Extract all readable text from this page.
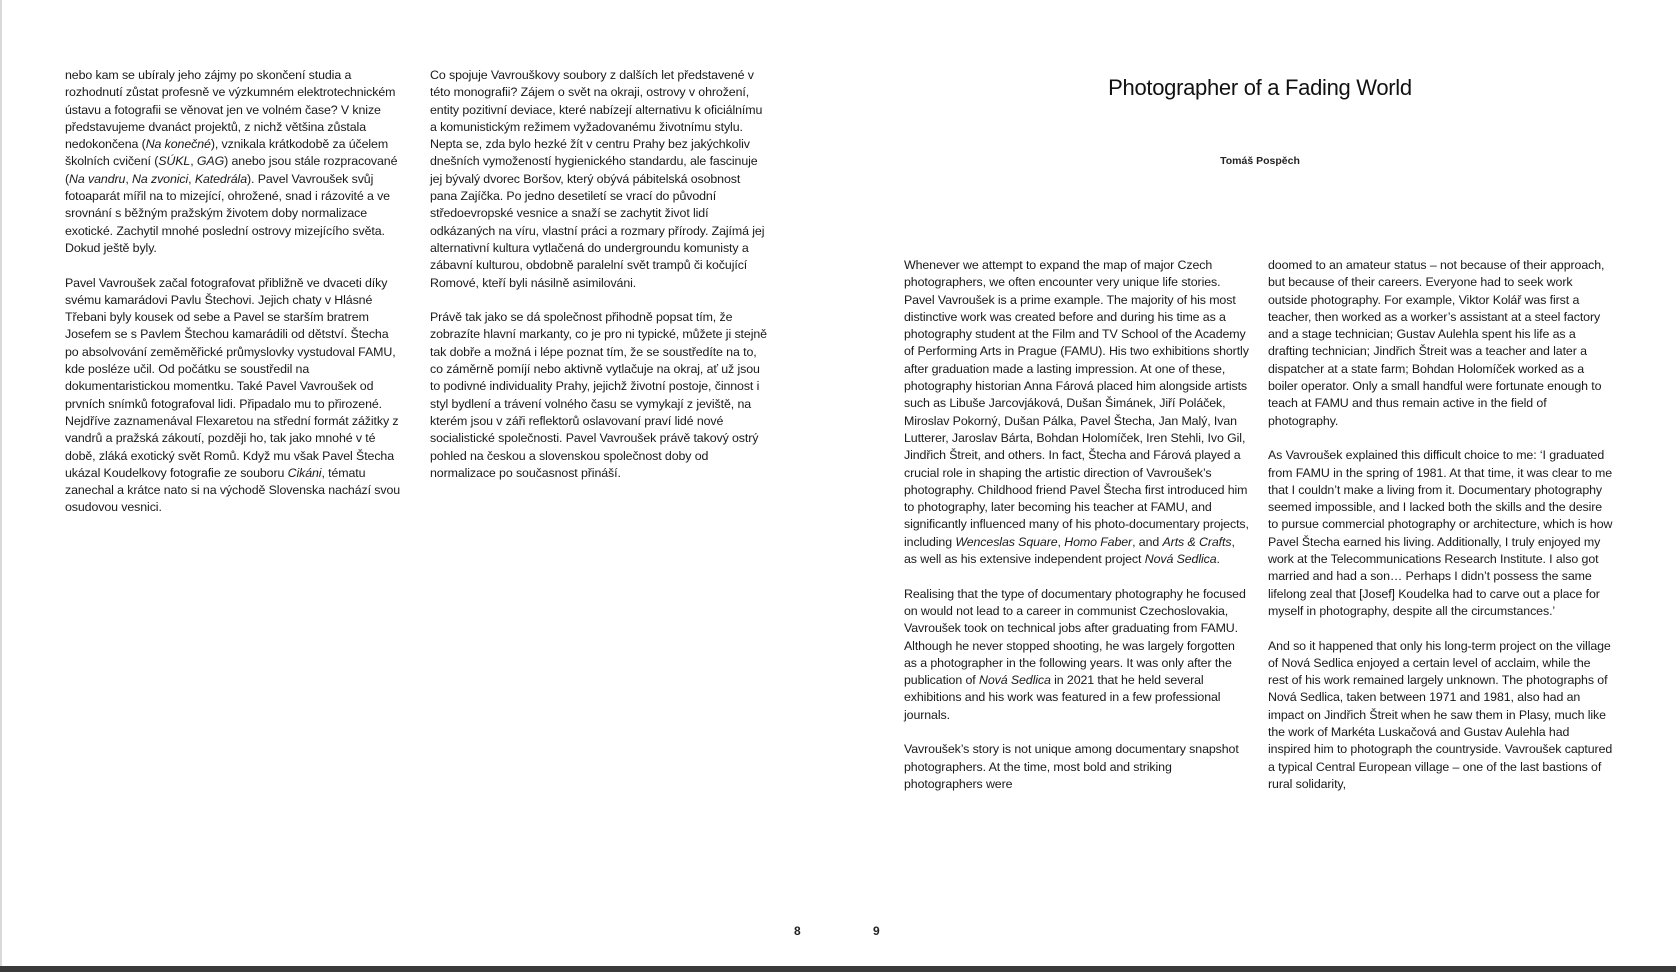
nebo kam se ubíraly jeho zájmy po skončení studia a rozhodnutí zůstat profesně ve výzkumném elektrotechnickém ústavu a fotografii se věnovat jen ve volném čase? V knize představujeme dvanáct projektů, z nichž většina zůstala nedokončena (Na konečné), vznikala krátkodobě za účelem školních cvičení (SÚKL, GAG) anebo jsou stále rozpracované (Na vandru, Na zvonici, Katedrála). Pavel Vavroušek svůj fotoaparát mířil na to mizející, ohrožené, snad i rázovité a ve srovnání s běžným pražským životem doby normalizace exotické. Zachytil mnohé poslední ostrovy mizejícího světa. Dokud ještě byly.

Pavel Vavroušek začal fotografovat přibližně ve dvaceti díky svému kamarádovi Pavlu Štechovi. Jejich chaty v Hlásné Třebani byly kousek od sebe a Pavel se starším bratrem Josefem se s Pavlem Štechou kamarádili od dětství. Štecha po absolvování zeměměřické průmyslovky vystudoval FAMU, kde posléze učil. Od počátku se soustředil na dokumentaristickou momentku. Také Pavel Vavroušek od prvních snímků fotografoval lidi. Připadalo mu to přirozené. Nejdříve zaznamenával Flexaretou na střední formát zážitky z vandrů a pražská zákoutí, později ho, tak jako mnohé v té době, zláká exotický svět Romů. Když mu však Pavel Štecha ukázal Koudelkovy fotografie ze souboru Cikáni, tématu zanechal a krátce nato si na východě Slovenska nachází svou osudovou vesnici.

Co spojuje Vavrouškovy soubory z dalších let představené v této monografii? Zájem o svět na okraji, ostrovy v ohrožení, entity pozitivní deviace, které nabízejí alternativu k oficiálnímu a komunistickým režimem vyžadovanému životnímu stylu. Nepta se, zda bylo hezké žít v centru Prahy bez jakýchkoliv dnešních vymožeností hygienického standardu, ale fascinuje jej bývalý dvorec Boršov, který obývá pábitelská osobnost pana Zajíčka. Po jedno desetiletí se vrací do původní středoevropské vesnice a snaží se zachytit život lidí odkázaných na víru, vlastní práci a rozmary přírody. Zajímá jej alternativní kultura vytlačená do undergroundu komunisty a zábavní kulturou, obdobně paralelní svět trampů či kočující Romové, kteří byli násilně asimilováni.

Právě tak jako se dá společnost přihodně popsat tím, že zobrazíte hlavní markanty, co je pro ni typické, můžete ji stejně tak dobře a možná i lépe poznat tím, že se soustředíte na to, co záměrně pomíjí nebo aktivně vytlačuje na okraj, ať už jsou to podivné individuality Prahy, jejichž životní postoje, činnost i styl bydlení a trávení volného času se vymykají z jeviště, na kterém jsou v záři reflektorů oslavovaní praví lidé nové socialistické společnosti. Pavel Vavroušek právě takový ostrý pohled na českou a slovenskou společnost doby od normalizace po současnost přináší.

8
Photographer of a Fading World
Tomáš Pospěch

Whenever we attempt to expand the map of major Czech photographers, we often encounter very unique life stories. Pavel Vavroušek is a prime example. The majority of his most distinctive work was created before and during his time as a photography student at the Film and TV School of the Academy of Performing Arts in Prague (FAMU). His two exhibitions shortly after graduation made a lasting impression. At one of these, photography historian Anna Fárová placed him alongside artists such as Libuše Jarcovjáková, Dušan Šimánek, Jiří Poláček, Miroslav Pokorný, Dušan Pálka, Pavel Štecha, Jan Malý, Ivan Lutterer, Jaroslav Bárta, Bohdan Holomíček, Iren Stehli, Ivo Gil, Jindřich Štreit, and others. In fact, Štecha and Fárová played a crucial role in shaping the artistic direction of Vavroušek’s photography. Childhood friend Pavel Štecha first introduced him to photography, later becoming his teacher at FAMU, and significantly influenced many of his photo-documentary projects, including Wenceslas Square, Homo Faber, and Arts & Crafts, as well as his extensive independent project Nová Sedlica.

Realising that the type of documentary photography he focused on would not lead to a career in communist Czechoslovakia, Vavroušek took on technical jobs after graduating from FAMU. Although he never stopped shooting, he was largely forgotten as a photographer in the following years. It was only after the publication of Nová Sedlica in 2021 that he held several exhibitions and his work was featured in a few professional journals.

Vavroušek’s story is not unique among documentary snapshot photographers. At the time, most bold and striking photographers were

doomed to an amateur status – not because of their approach, but because of their careers. Everyone had to seek work outside photography. For example, Viktor Kolář was first a teacher, then worked as a worker’s assistant at a steel factory and a stage technician; Gustav Aulehla spent his life as a drafting technician; Jindřich Štreit was a teacher and later a dispatcher at a state farm; Bohdan Holomíček worked as a boiler operator. Only a small handful were fortunate enough to teach at FAMU and thus remain active in the field of photography.

As Vavroušek explained this difficult choice to me: ‘I graduated from FAMU in the spring of 1981. At that time, it was clear to me that I couldn’t make a living from it. Documentary photography seemed impossible, and I lacked both the skills and the desire to pursue commercial photography or architecture, which is how Pavel Štecha earned his living. Additionally, I truly enjoyed my work at the Telecommunications Research Institute. I also got married and had a son… Perhaps I didn’t possess the same lifelong zeal that [Josef] Koudelka had to carve out a place for myself in photography, despite all the circumstances.’

And so it happened that only his long-term project on the village of Nová Sedlica enjoyed a certain level of acclaim, while the rest of his work remained largely unknown. The photographs of Nová Sedlica, taken between 1971 and 1981, also had an impact on Jindřich Štreit when he saw them in Plasy, much like the work of Markéta Luskačová and Gustav Aulehla had inspired him to photograph the countryside. Vavroušek captured a typical Central European village – one of the last bastions of rural solidarity,

9
